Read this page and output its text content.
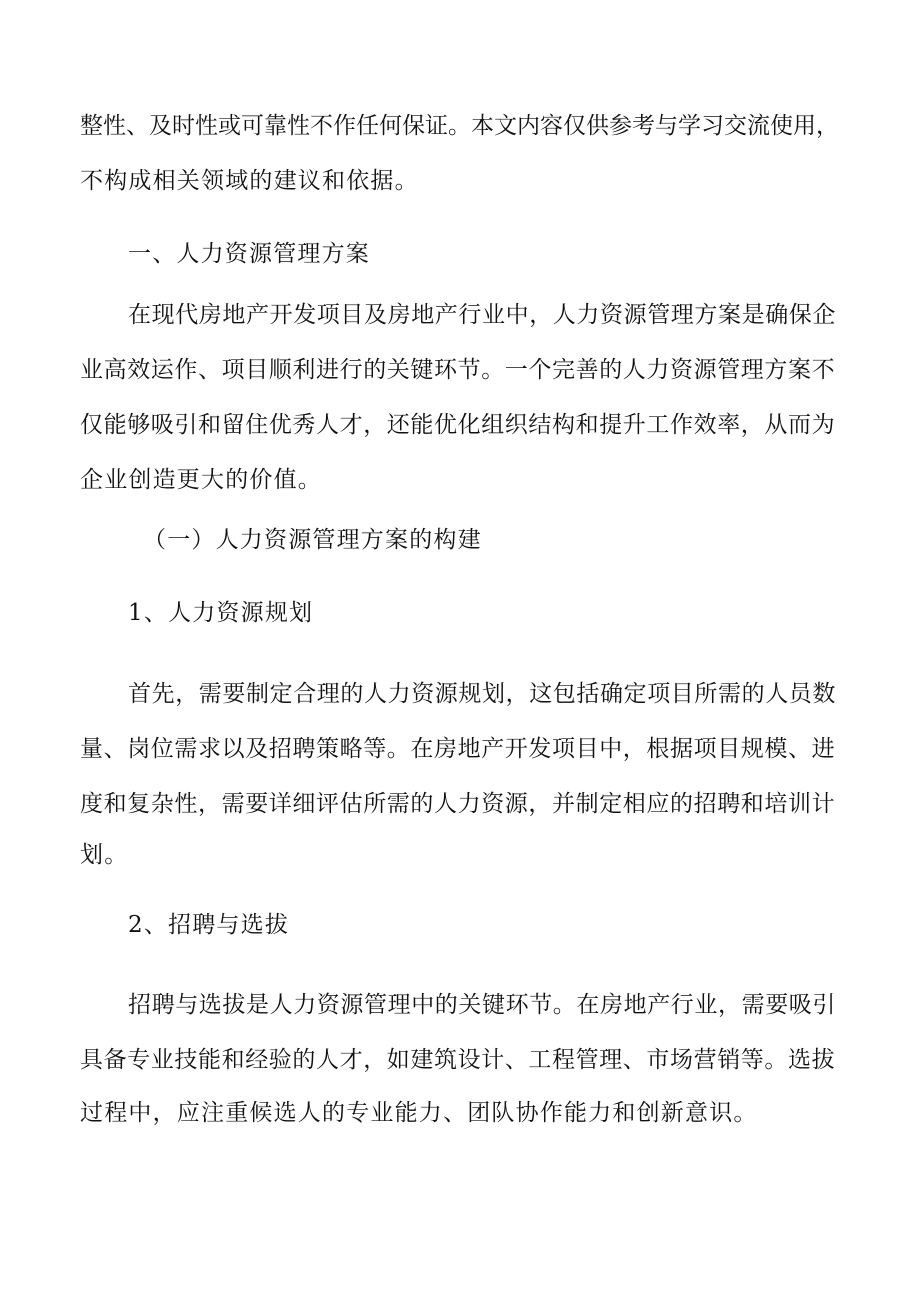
整性、及时性或可靠性不作任何保证。本文内容仅供参考与学习交流使用，
不构成相关领域的建议和依据。
一、人力资源管理方案
在现代房地产开发项目及房地产行业中，人力资源管理方案是确保企
业高效运作、项目顺利进行的关键环节。一个完善的人力资源管理方案不
仅能够吸引和留住优秀人才，还能优化组织结构和提升工作效率，从而为
企业创造更大的价值。
（一）人力资源管理方案的构建
1、人力资源规划
首先，需要制定合理的人力资源规划，这包括确定项目所需的人员数
量、岗位需求以及招聘策略等。在房地产开发项目中，根据项目规模、进
度和复杂性，需要详细评估所需的人力资源，并制定相应的招聘和培训计
划。
2、招聘与选拔
招聘与选拔是人力资源管理中的关键环节。在房地产行业，需要吸引
具备专业技能和经验的人才，如建筑设计、工程管理、市场营销等。选拔
过程中，应注重候选人的专业能力、团队协作能力和创新意识。
